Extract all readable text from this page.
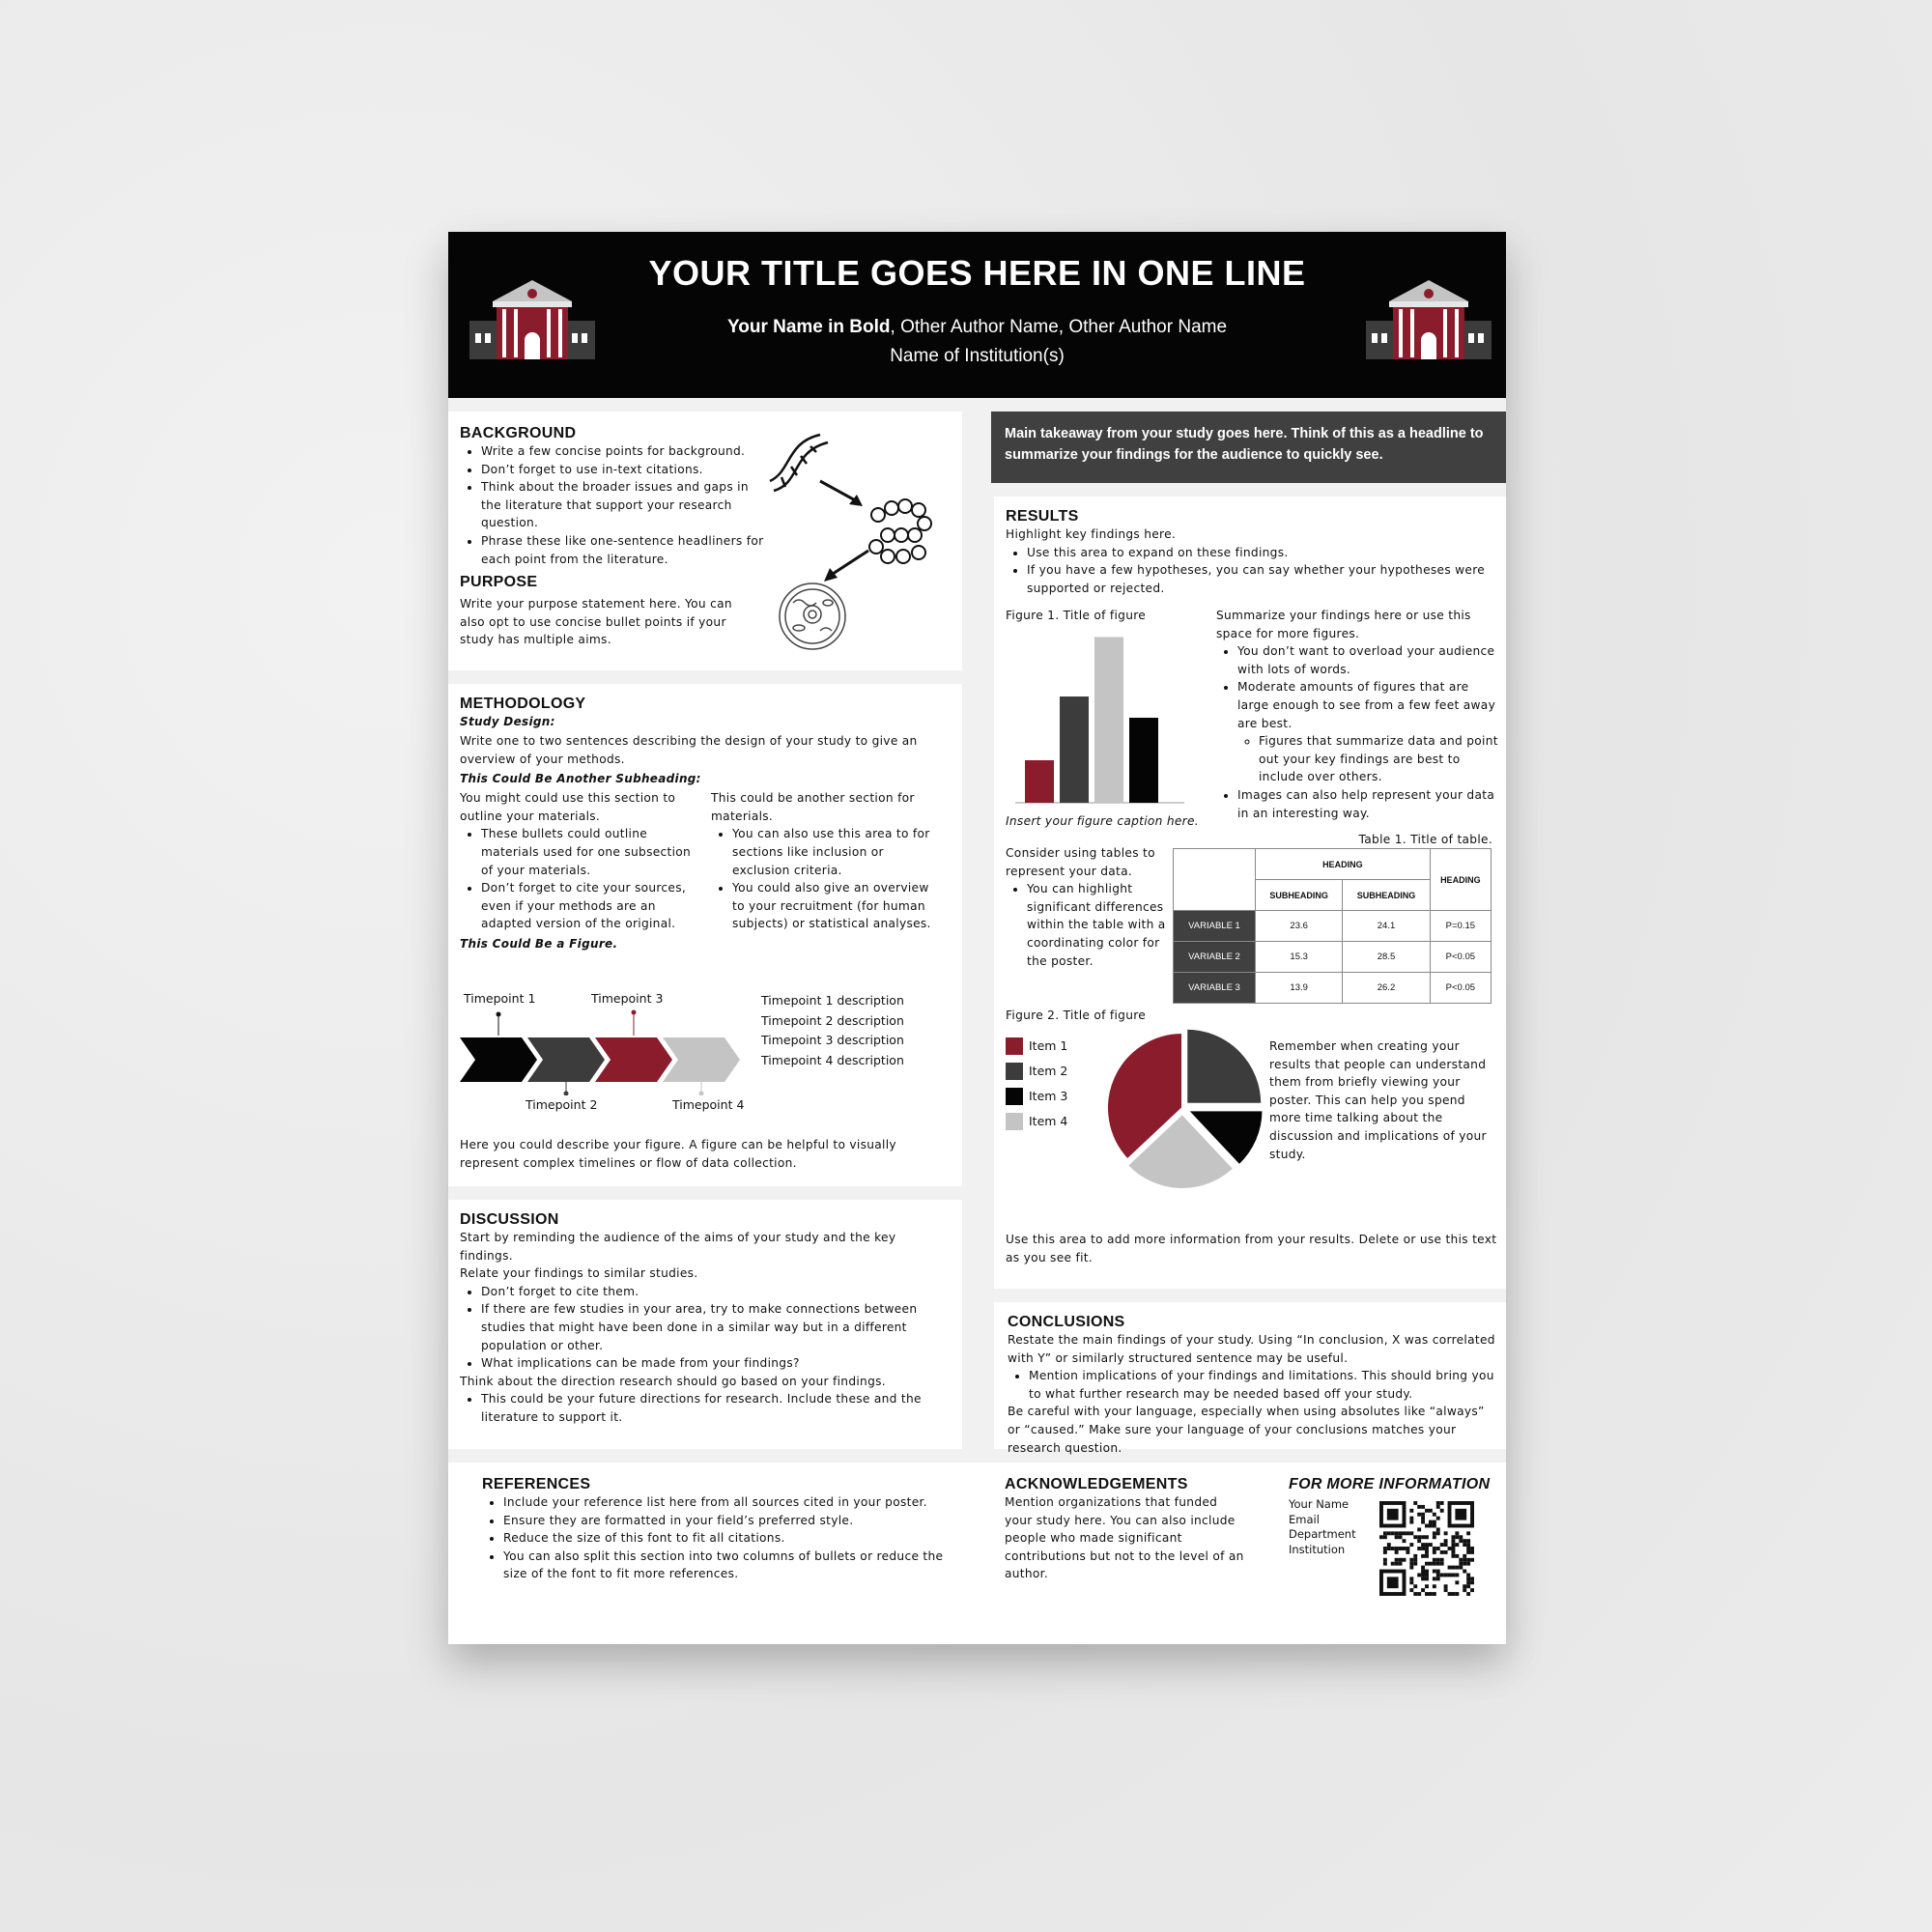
YOUR TITLE GOES HERE IN ONE LINE
Your Name in Bold, Other Author Name, Other Author Name
Name of Institution(s)

BACKGROUND

• Write a few concise points for background.
• Don’t forget to use in-text citations.
• Think about the broader issues and gaps in the literature that support your research question.
• Phrase these like one-sentence headliners for each point from the literature.

PURPOSE

Write your purpose statement here. You can also opt to use concise bullet points if your study has multiple aims.

METHODOLOGY

Study Design:

Write one to two sentences describing the design of your study to give an overview of your methods.

This Could Be Another Subheading:

You might could use this section to outline your materials.

• These bullets could outline materials used for one subsection of your materials.
• Don’t forget to cite your sources, even if your methods are an adapted version of the original.

This could be another section for materials.

• You can also use this area to for sections like inclusion or exclusion criteria.
• You could also give an overview to your recruitment (for human subjects) or statistical analyses.

This Could Be a Figure.

Timepoint 1	Timepoint 3
Timepoint 2	Timepoint 4
Timepoint 1 description
Timepoint 2 description
Timepoint 3 description
Timepoint 4 description

Here you could describe your figure. A figure can be helpful to visually represent complex timelines or flow of data collection.

DISCUSSION

Start by reminding the audience of the aims of your study and the key findings.

Relate your findings to similar studies.

• Don’t forget to cite them.
• If there are few studies in your area, try to make connections between studies that might have been done in a similar way but in a different population or other.
• What implications can be made from your findings?

Think about the direction research should go based on your findings.

• This could be your future directions for research. Include these and the literature to support it.
Main takeaway from your study goes here. Think of this as a headline to summarize your findings for the audience to quickly see.

RESULTS

Highlight key findings here.

• Use this area to expand on these findings.
• If you have a few hypotheses, you can say whether your hypotheses were supported or rejected.

Figure 1. Title of figure

Insert your figure caption here.

Summarize your findings here or use this space for more figures.

• You don’t want to overload your audience with lots of words.
• Moderate amounts of figures that are large enough to see from a few feet away are best.
◦ Figures that summarize data and point out your key findings are best to include over others.
• Images can also help represent your data in an interesting way.

Table 1. Title of table.

Consider using tables to represent your data.

• You can highlight significant differences within the table with a coordinating color for the poster.
	HEADING		HEADING
	SUBHEADING	SUBHEADING	
VARIABLE 1	23.6	24.1	P=0.15
VARIABLE 2	15.3	28.5	P<0.05
VARIABLE 3	13.9	26.2	P<0.05

Figure 2. Title of figure

Item 1
Item 2
Item 3
Item 4

Remember when creating your results that people can understand them from briefly viewing your poster. This can help you spend more time talking about the discussion and implications of your study.

Use this area to add more information from your results. Delete or use this text as you see fit.

CONCLUSIONS

Restate the main findings of your study. Using “In conclusion, X was correlated with Y” or similarly structured sentence may be useful.

• Mention implications of your findings and limitations. This should bring you to what further research may be needed based off your study.

Be careful with your language, especially when using absolutes like “always” or “caused.” Make sure your language of your conclusions matches your research question.

REFERENCES

• Include your reference list here from all sources cited in your poster.
• Ensure they are formatted in your field’s preferred style.
• Reduce the size of this font to fit all citations.
• You can also split this section into two columns of bullets or reduce the size of the font to fit more references.

ACKNOWLEDGEMENTS

Mention organizations that funded your study here. You can also include people who made significant contributions but not to the level of an author.

FOR MORE INFORMATION

Your Name
Email
Department
Institution
